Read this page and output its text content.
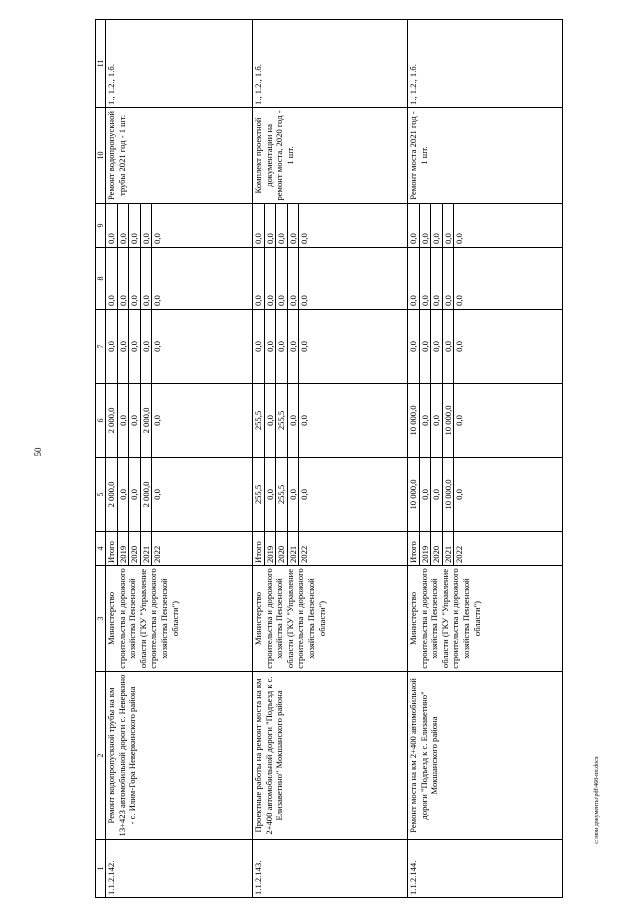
50
1	2	3	4	5	6	7	8	9	10	11
1.1.2.142.	Ремонт водопропускной трубы на км 13+423 автомобильной дороги с. Неверкино - с. Илим-Гора Неверкинского района	Министерство строительства и дорожного хозяйства Пензенской области (ГКУ "Управление строительства и дорожного хозяйства Пензенской области")	Итого 2019 2020 2021 2022	2 000,0 0,0 0,0 2 000,0 0,0	2 000,0 0,0 0,0 2 000,0 0,0	0,0 0,0 0,0 0,0 0,0	0,0 0,0 0,0 0,0 0,0	0,0 0,0 0,0 0,0 0,0	Ремонт водопропускной трубы 2021 год - 1 шт.	1., 1.2., 1.б.
1.1.2.143.	Проектные работы на ремонт моста на км 2+400 автомобильной дороги "Подъезд к с. Елизаветино" Мокшанского района	Министерство строительства и дорожного хозяйства Пензенской области (ГКУ "Управление строительства и дорожного хозяйства Пензенской области")	Итого 2019 2020 2021 2022	255,5 0,0 255,5 0,0 0,0	255,5 0,0 255,5 0,0 0,0	0,0 0,0 0,0 0,0 0,0	0,0 0,0 0,0 0,0 0,0	0,0 0,0 0,0 0,0 0,0	Комплект проектной документации на ремонт моста, 2020 год - 1 шт.	1., 1.2., 1.б.
1.1.2.144.	Ремонт моста на км 2+400 автомобильной дороги "Подъезд к с. Елизаветино" Мокшанского района	Министерство строительства и дорожного хозяйства Пензенской области (ГКУ "Управление строительства и дорожного хозяйства Пензенской области")	Итого 2019 2020 2021 2022	10 000,0 0,0 0,0 10 000,0 0,0	10 000,0 0,0 0,0 10 000,0 0,0	0,0 0,0 0,0 0,0 0,0	0,0 0,0 0,0 0,0 0,0	0,0 0,0 0,0 0,0 0,0	Ремонт моста 2021 год - 1 шт.	1., 1.2., 1.б.
c:\мои документы\pdf\468-пп.docx
